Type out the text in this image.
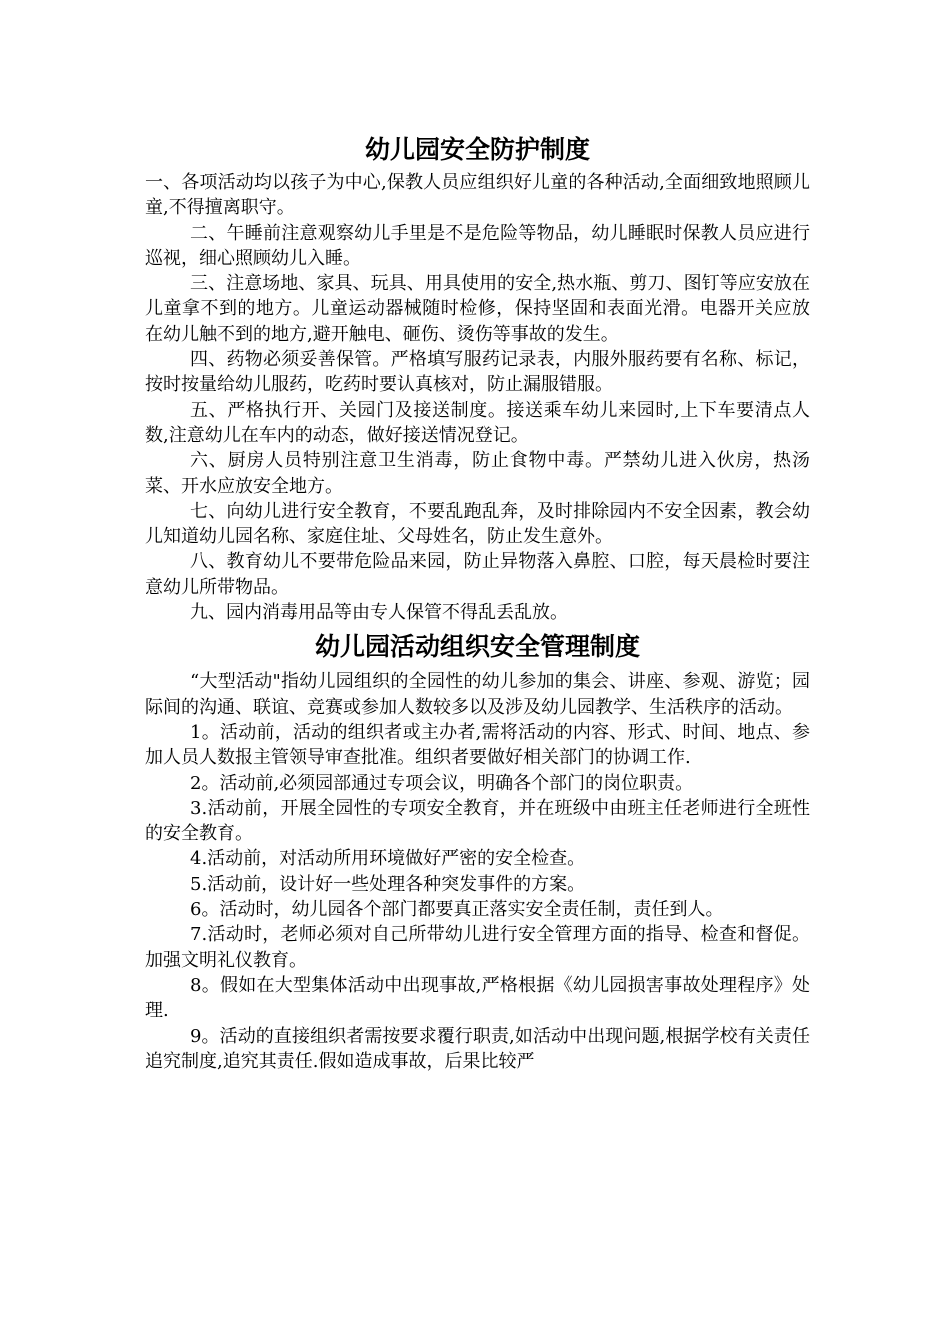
幼儿园安全防护制度

一、各项活动均以孩子为中心,保教人员应组织好儿童的各种活动,全面细致地照顾儿童,不得擅离职守。

二、午睡前注意观察幼儿手里是不是危险等物品，幼儿睡眠时保教人员应进行巡视，细心照顾幼儿入睡。

三、注意场地、家具、玩具、用具使用的安全,热水瓶、剪刀、图钉等应安放在儿童拿不到的地方。儿童运动器械随时检修，保持坚固和表面光滑。电器开关应放在幼儿触不到的地方,避开触电、砸伤、烫伤等事故的发生。

四、药物必须妥善保管。严格填写服药记录表，内服外服药要有名称、标记，按时按量给幼儿服药，吃药时要认真核对，防止漏服错服。

五、严格执行开、关园门及接送制度。接送乘车幼儿来园时,上下车要清点人数,注意幼儿在车内的动态，做好接送情况登记。

六、厨房人员特别注意卫生消毒，防止食物中毒。严禁幼儿进入伙房，热汤菜、开水应放安全地方。

七、向幼儿进行安全教育，不要乱跑乱奔，及时排除园内不安全因素，教会幼儿知道幼儿园名称、家庭住址、父母姓名，防止发生意外。

八、教育幼儿不要带危险品来园，防止异物落入鼻腔、口腔，每天晨检时要注意幼儿所带物品。

九、园内消毒用品等由专人保管不得乱丢乱放。

幼儿园活动组织安全管理制度

“大型活动"指幼儿园组织的全园性的幼儿参加的集会、讲座、参观、游览；园际间的沟通、联谊、竞赛或参加人数较多以及涉及幼儿园教学、生活秩序的活动。

1。活动前，活动的组织者或主办者,需将活动的内容、形式、时间、地点、参加人员人数报主管领导审查批准。组织者要做好相关部门的协调工作.

2。活动前,必须园部通过专项会议，明确各个部门的岗位职责。

3.活动前，开展全园性的专项安全教育，并在班级中由班主任老师进行全班性的安全教育。

4.活动前，对活动所用环境做好严密的安全检查。

5.活动前，设计好一些处理各种突发事件的方案。

6。活动时，幼儿园各个部门都要真正落实安全责任制，责任到人。

7.活动时，老师必须对自己所带幼儿进行安全管理方面的指导、检查和督促。加强文明礼仪教育。

8。假如在大型集体活动中出现事故,严格根据《幼儿园损害事故处理程序》处理.

9。活动的直接组织者需按要求覆行职责,如活动中出现问题,根据学校有关责任追究制度,追究其责任.假如造成事故，后果比较严
